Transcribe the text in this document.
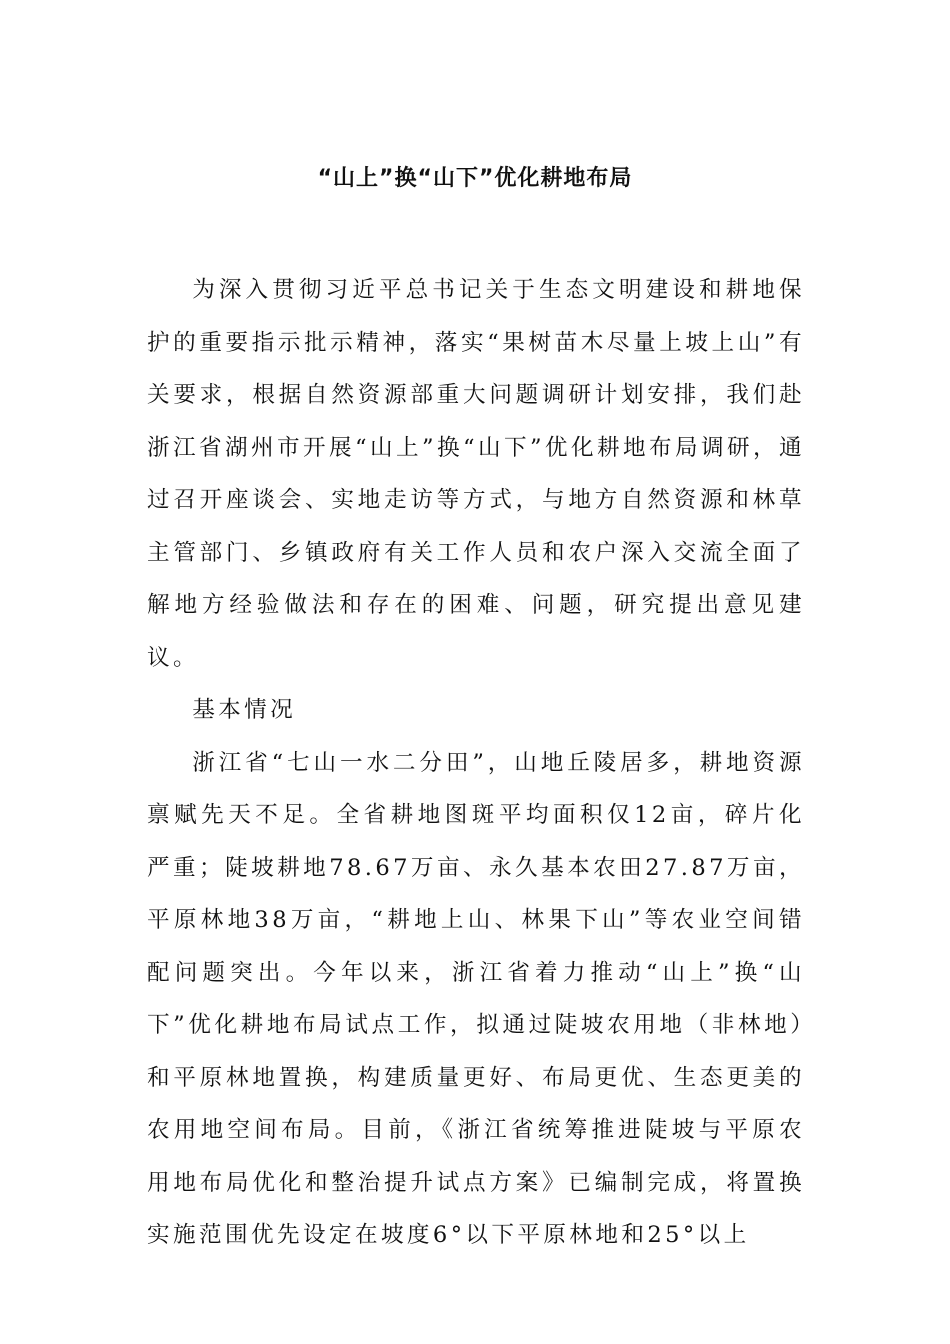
“山上”换“山下”优化耕地布局

为深入贯彻习近平总书记关于生态文明建设和耕地保护的重要指示批示精神，落实“果树苗木尽量上坡上山”有关要求，根据自然资源部重大问题调研计划安排，我们赴浙江省湖州市开展“山上”换“山下”优化耕地布局调研，通过召开座谈会、实地走访等方式，与地方自然资源和林草主管部门、乡镇政府有关工作人员和农户深入交流全面了解地方经验做法和存在的困难、问题，研究提出意见建议。

基本情况

浙江省“七山一水二分田”，山地丘陵居多，耕地资源禀赋先天不足。全省耕地图斑平均面积仅12亩，碎片化严重；陡坡耕地78.67万亩、永久基本农田27.87万亩，平原林地38万亩，“耕地上山、林果下山”等农业空间错配问题突出。今年以来，浙江省着力推动“山上”换“山下”优化耕地布局试点工作，拟通过陡坡农用地（非林地）和平原林地置换，构建质量更好、布局更优、生态更美的农用地空间布局。目前，《浙江省统筹推进陡坡与平原农用地布局优化和整治提升试点方案》已编制完成，将置换实施范围优先设定在坡度6°以下平原林地和25°以上
